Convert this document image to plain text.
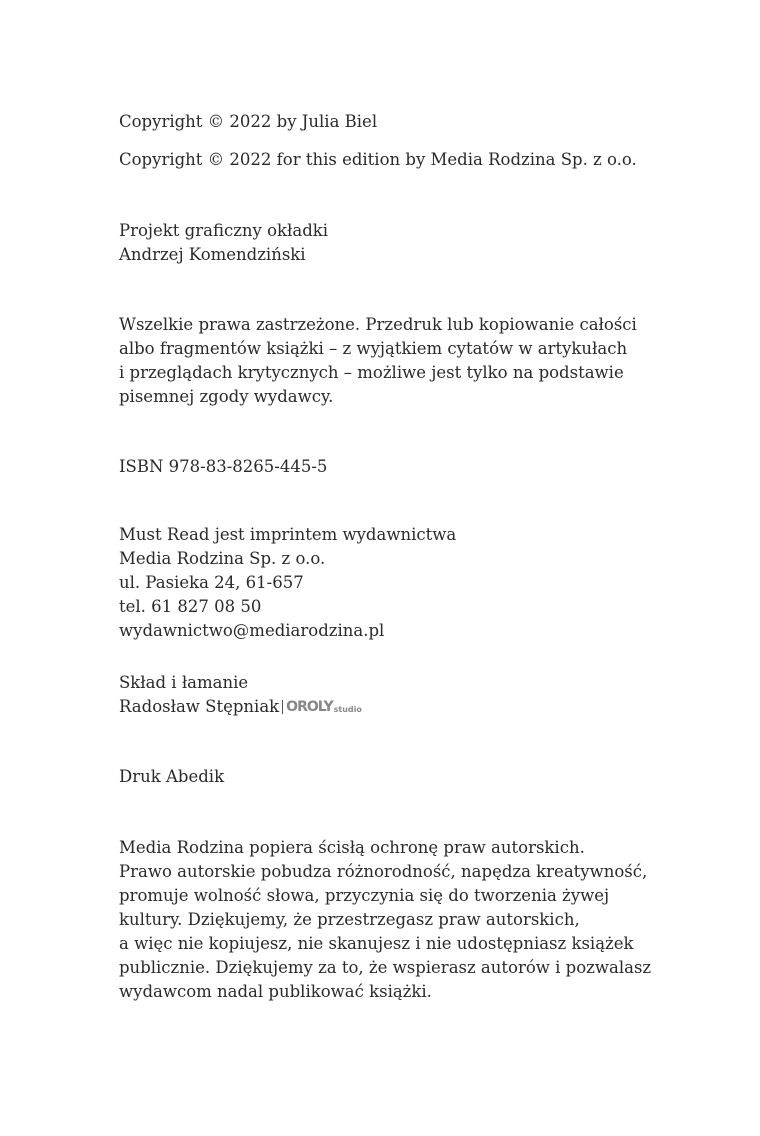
Copyright © 2022 by Julia Biel
Copyright © 2022 for this edition by Media Rodzina Sp. z o.o.
Projekt graficzny okładki
Andrzej Komendziński
Wszelkie prawa zastrzeżone. Przedruk lub kopiowanie całości
albo fragmentów książki – z wyjątkiem cytatów w artykułach
i przeglądach krytycznych – możliwe jest tylko na podstawie
pisemnej zgody wydawcy.
ISBN 978-83-8265-445-5
Must Read jest imprintem wydawnictwa
Media Rodzina Sp. z o.o.
ul. Pasieka 24, 61-657
tel. 61 827 08 50
wydawnictwo@mediarodzina.pl
Skład i łamanie
Radosław Stępniak OROLY studio
Druk Abedik
Media Rodzina popiera ścisłą ochronę praw autorskich.
Prawo autorskie pobudza różnorodność, napędza kreatywność,
promuje wolność słowa, przyczynia się do tworzenia żywej
kultury. Dziękujemy, że przestrzegasz praw autorskich,
a więc nie kopiujesz, nie skanujesz i nie udostępniasz książek
publicznie. Dziękujemy za to, że wspierasz autorów i pozwalasz
wydawcom nadal publikować książki.
